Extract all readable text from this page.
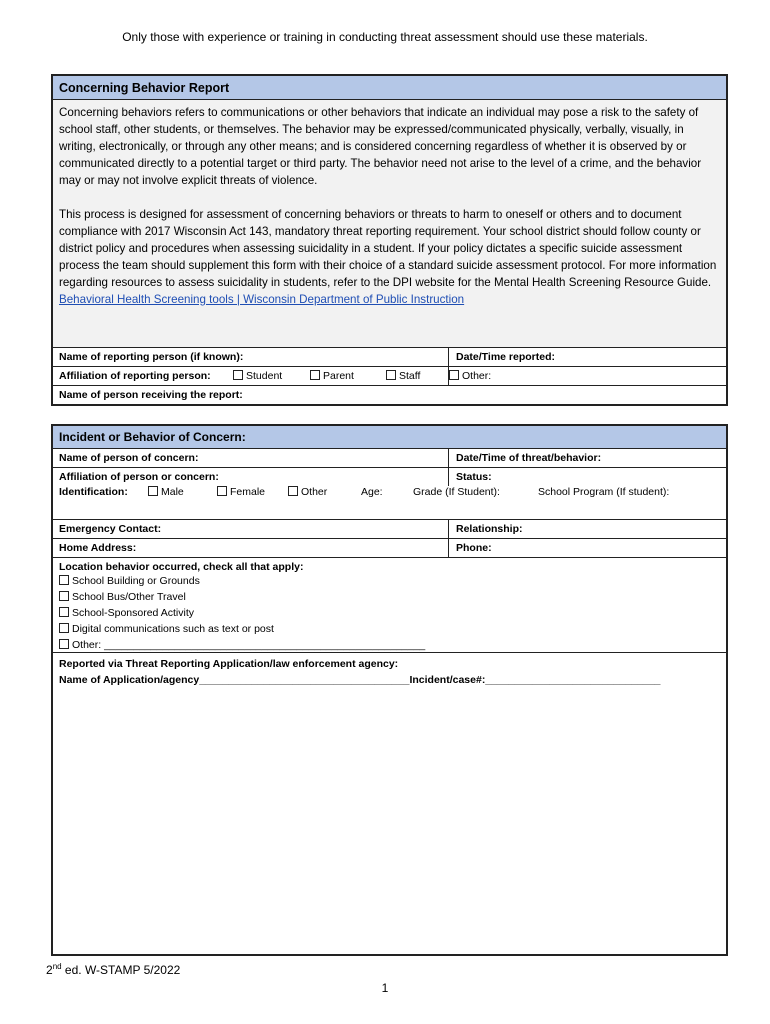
Only those with experience or training in conducting threat assessment should use these materials.
Concerning Behavior Report

Concerning behaviors refers to communications or other behaviors that indicate an individual may pose a risk to the safety of school staff, other students, or themselves. The behavior may be expressed/communicated physically, verbally, visually, in writing, electronically, or through any other means; and is considered concerning regardless of whether it is observed by or communicated directly to a potential target or third party. The behavior need not arise to the level of a crime, and the behavior may or may not involve explicit threats of violence.

This process is designed for assessment of concerning behaviors or threats to harm to oneself or others and to document compliance with 2017 Wisconsin Act 143, mandatory threat reporting requirement. Your school district should follow county or district policy and procedures when assessing suicidality in a student. If your policy dictates a specific suicide assessment process the team should supplement this form with their choice of a standard suicide assessment protocol. For more information regarding resources to assess suicidality in students, refer to the DPI website for the Mental Health Screening Resource Guide.

Behavioral Health Screening tools | Wisconsin Department of Public Instruction
Name of reporting person (if known):	Date/Time reported:
Affiliation of reporting person:	Student	Parent	Staff	Other:
Name of person receiving the report:
Incident or Behavior of Concern:
Name of person of concern:	Date/Time of threat/behavior:
Affiliation of person or concern:	Status:
Identification:	Male	Female	Other	Age:	Grade (If Student):	School Program (If student):
Emergency Contact:	Relationship:
Home Address:	Phone:
Location behavior occurred, check all that apply:
School Building or Grounds
School Bus/Other Travel
School-Sponsored Activity
Digital communications such as text or post
Other: _______________________________________________________
Reported via Threat Reporting Application/law enforcement agency:
Name of Application/agency____________________________________Incident/case#:______________________________
2nd ed. W-STAMP 5/2022
1
